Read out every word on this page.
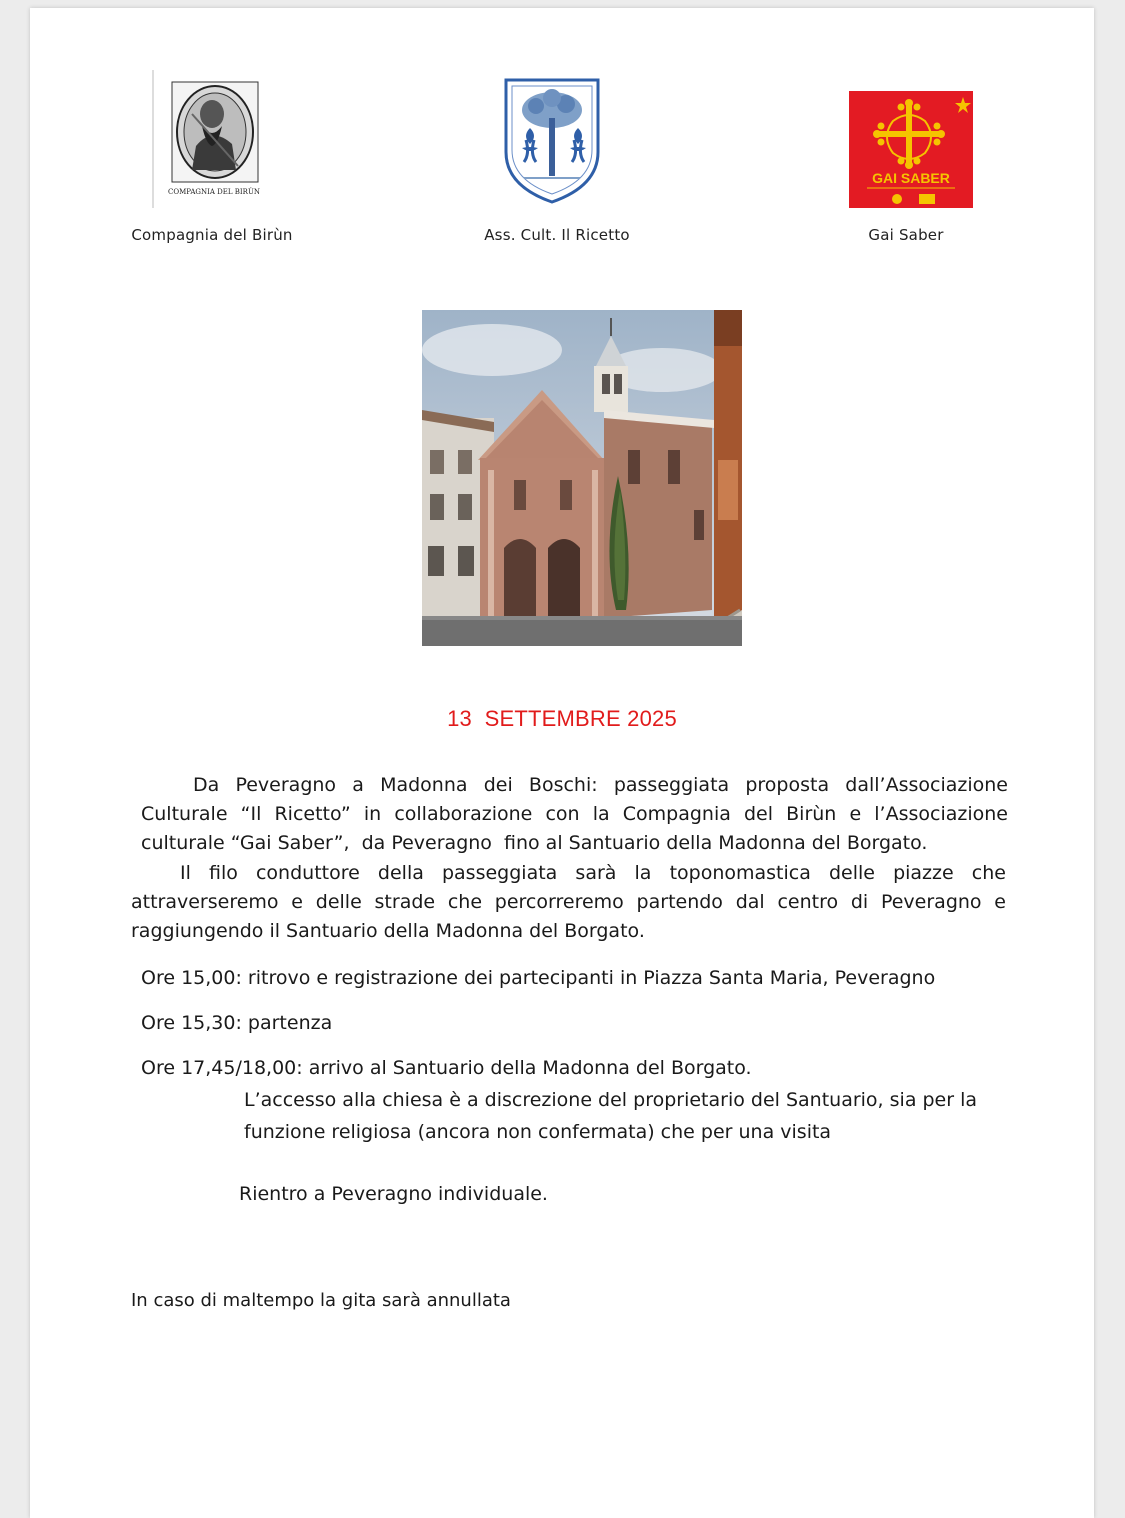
COMPAGNIA DEL BIRÙN
Compagnia del Birùn	Ass. Cult. Il Ricetto
GAI SABER
Gai Saber
13  SETTEMBRE 2025
Da Peveragno a Madonna dei Boschi: passeggiata proposta dall’Associazione
Culturale “Il Ricetto” in collaborazione con la Compagnia del Birùn e l’Associazione
culturale “Gai Saber”,  da Peveragno  fino al Santuario della Madonna del Borgato.
Il filo conduttore della passeggiata sarà la toponomastica delle piazze che
attraverseremo e delle strade che percorreremo partendo dal centro di Peveragno e
raggiungendo il Santuario della Madonna del Borgato.
Ore 15,00: ritrovo e registrazione dei partecipanti in Piazza Santa Maria, Peveragno
Ore 15,30: partenza
Ore 17,45/18,00: arrivo al Santuario della Madonna del Borgato.
L’accesso alla chiesa è a discrezione del proprietario del Santuario, sia per la
funzione religiosa (ancora non confermata) che per una visita
Rientro a Peveragno individuale.
In caso di maltempo la gita sarà annullata
